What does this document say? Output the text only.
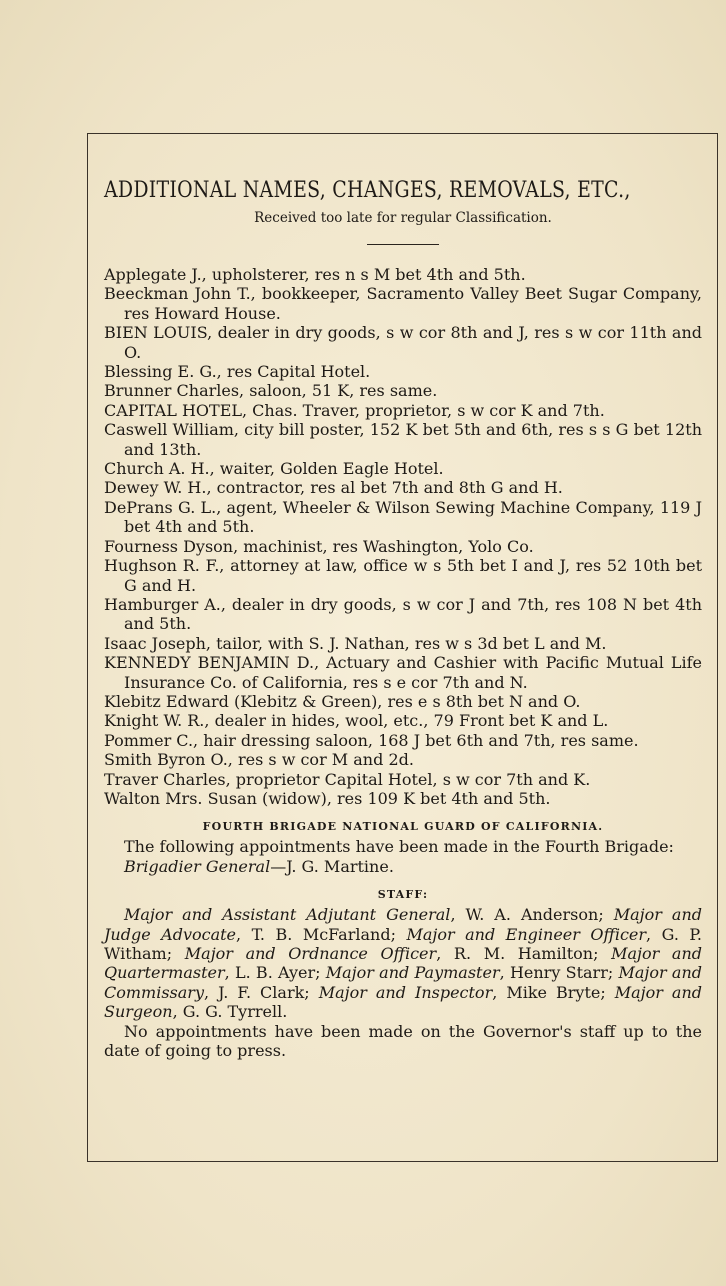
ADDITIONAL NAMES, CHANGES, REMOVALS, ETC.,
Received too late for regular Classification.
Applegate J., upholsterer, res n s M bet 4th and 5th.
Beeckman John T., bookkeeper, Sacramento Valley Beet Sugar Company, res Howard House.
BIEN LOUIS, dealer in dry goods, s w cor 8th and J, res s w cor 11th and O.
Blessing E. G., res Capital Hotel.
Brunner Charles, saloon, 51 K, res same.
CAPITAL HOTEL, Chas. Traver, proprietor, s w cor K and 7th.
Caswell William, city bill poster, 152 K bet 5th and 6th, res s s G bet 12th and 13th.
Church A. H., waiter, Golden Eagle Hotel.
Dewey W. H., contractor, res al bet 7th and 8th G and H.
DePrans G. L., agent, Wheeler & Wilson Sewing Machine Company, 119 J bet 4th and 5th.
Fourness Dyson, machinist, res Washington, Yolo Co.
Hughson R. F., attorney at law, office w s 5th bet I and J, res 52 10th bet G and H.
Hamburger A., dealer in dry goods, s w cor J and 7th, res 108 N bet 4th and 5th.
Isaac Joseph, tailor, with S. J. Nathan, res w s 3d bet L and M.
KENNEDY BENJAMIN D., Actuary and Cashier with Pacific Mutual Life Insurance Co. of California, res s e cor 7th and N.
Klebitz Edward (Klebitz & Green), res e s 8th bet N and O.
Knight W. R., dealer in hides, wool, etc., 79 Front bet K and L.
Pommer C., hair dressing saloon, 168 J bet 6th and 7th, res same.
Smith Byron O., res s w cor M and 2d.
Traver Charles, proprietor Capital Hotel, s w cor 7th and K.
Walton Mrs. Susan (widow), res 109 K bet 4th and 5th.
FOURTH BRIGADE NATIONAL GUARD OF CALIFORNIA.
The following appointments have been made in the Fourth Brigade:
Brigadier General—J. G. Martine.
STAFF:
Major and Assistant Adjutant General, W. A. Anderson; Major and Judge Advocate, T. B. McFarland; Major and Engineer Officer, G. P. Witham; Major and Ordnance Officer, R. M. Hamilton; Major and Quartermaster, L. B. Ayer; Major and Paymaster, Henry Starr; Major and Commissary, J. F. Clark; Major and Inspector, Mike Bryte; Major and Surgeon, G. G. Tyrrell.
No appointments have been made on the Governor's staff up to the date of going to press.
